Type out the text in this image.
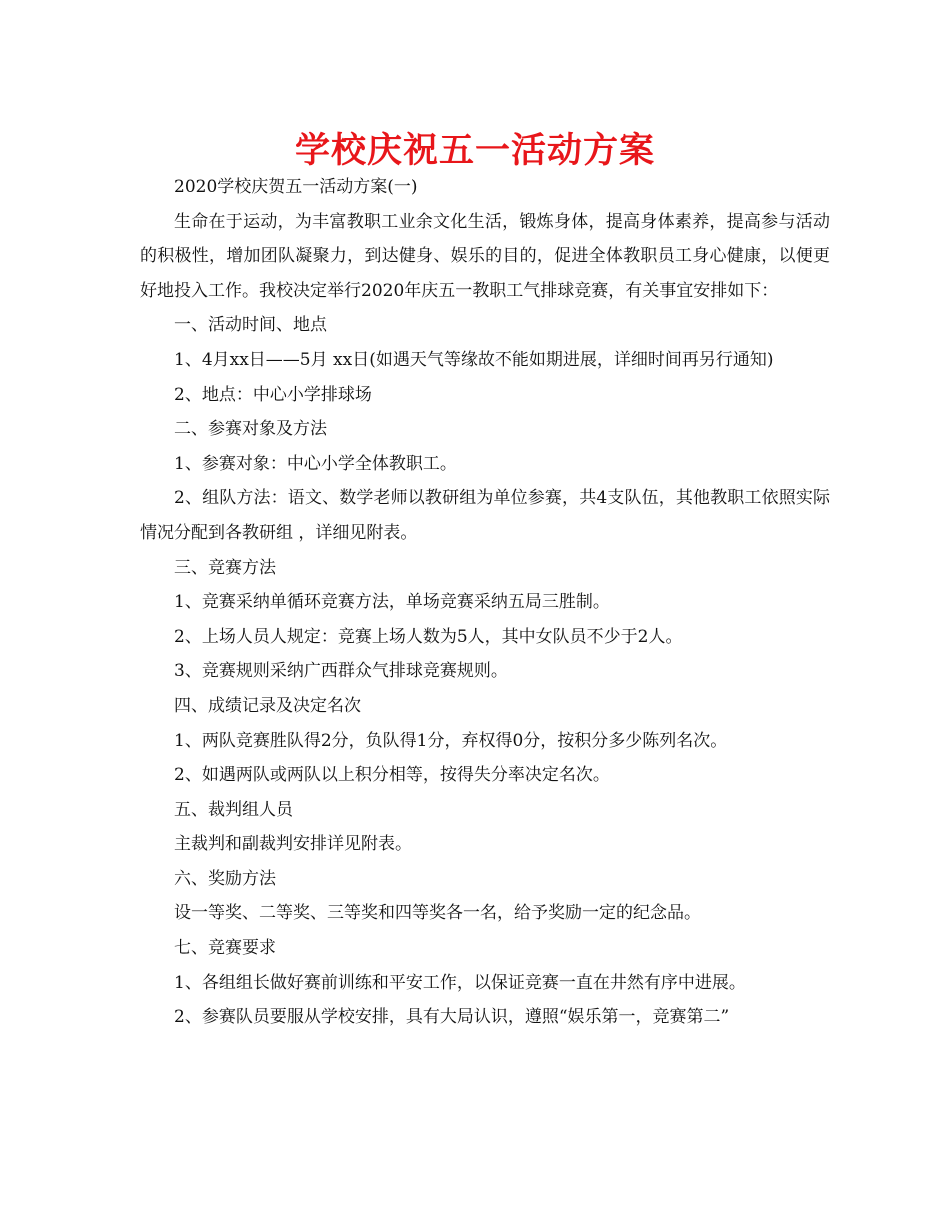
学校庆祝五一活动方案

2020学校庆贺五一活动方案(一)

生命在于运动，为丰富教职工业余文化生活，锻炼身体，提高身体素养，提高参与活动的积极性，增加团队凝聚力，到达健身、娱乐的目的，促进全体教职员工身心健康，以便更好地投入工作。我校决定举行2020年庆五一教职工气排球竞赛，有关事宜安排如下：

一、活动时间、地点

1、4月xx日——5月 xx日(如遇天气等缘故不能如期进展，详细时间再另行通知)

2、地点：中心小学排球场

二、参赛对象及方法

1、参赛对象：中心小学全体教职工。

2、组队方法：语文、数学老师以教研组为单位参赛，共4支队伍，其他教职工依照实际情况分配到各教研组 ，详细见附表。

三、竞赛方法

1、竞赛采纳单循环竞赛方法，单场竞赛采纳五局三胜制。

2、上场人员人规定：竞赛上场人数为5人，其中女队员不少于2人。

3、竞赛规则采纳广西群众气排球竞赛规则。

四、成绩记录及决定名次

1、两队竞赛胜队得2分，负队得1分，弃权得0分，按积分多少陈列名次。

2、如遇两队或两队以上积分相等，按得失分率决定名次。

五、裁判组人员

主裁判和副裁判安排详见附表。

六、奖励方法

设一等奖、二等奖、三等奖和四等奖各一名，给予奖励一定的纪念品。

七、竞赛要求

1、各组组长做好赛前训练和平安工作，以保证竞赛一直在井然有序中进展。

2、参赛队员要服从学校安排，具有大局认识，遵照“娱乐第一，竞赛第二”
